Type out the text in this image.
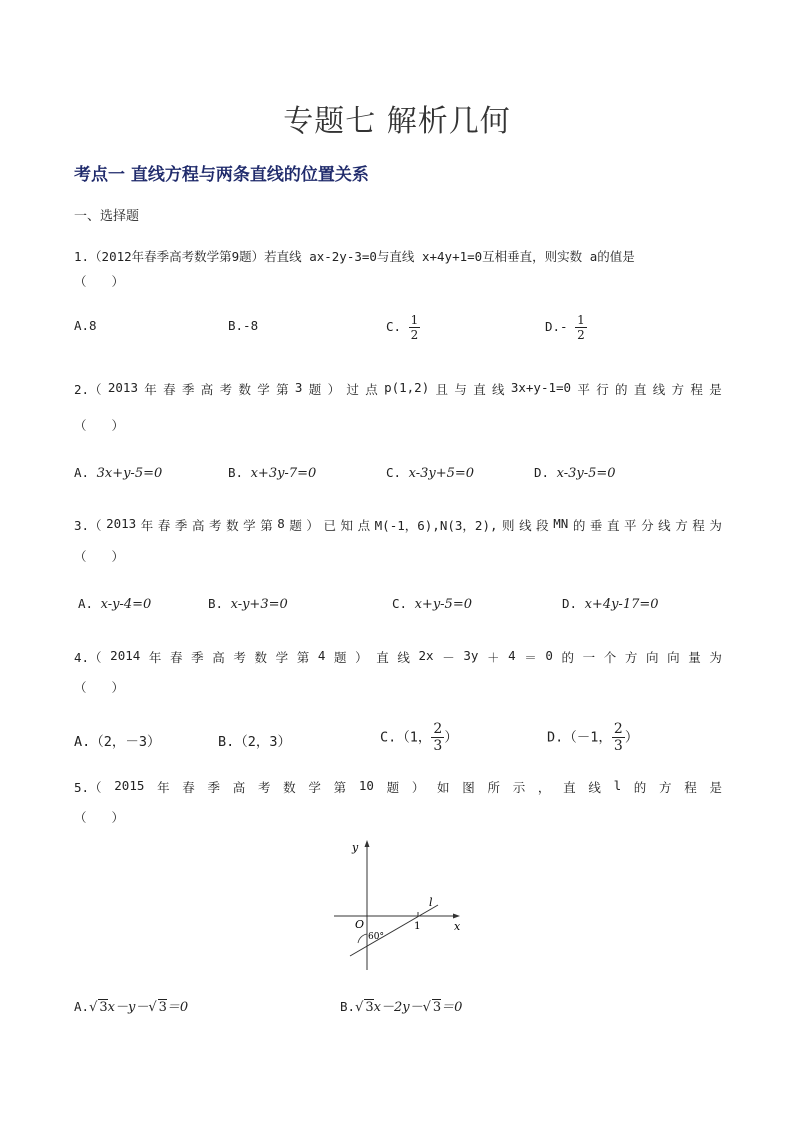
专题七 解析几何
考点一 直线方程与两条直线的位置关系
一、选择题
1.（2012年春季高考数学第9题）若直线 ax-2y-3=0与直线 x+4y+1=0互相垂直，则实数 a的值是
（　　）
A.8	B.-8	C. $\frac{1}{2}$	$D.- \frac{1}{2}$
2.（ 2013 年 春 季 高 考 数 学 第 3 题 ） 过 点 p(1,2) 且 与 直 线 3x+y-1=0 平 行 的 直 线 方 程 是
（　　）
A. 3x+y-5=0	B. x+3y-7=0	C. x-3y+5=0	D. x-3y-5=0
3.（ 2013 年 春 季 高 考 数 学 第 8 题 ） 已 知 点 M(-1，6),N(3，2), 则 线 段 MN 的 垂 直 平 分 线 方 程 为
（　　）
A. x-y-4=0	B. x-y+3=0	C. x+y-5=0	D. x+4y-17=0
4.（ 2014 年 春 季 高 考 数 学 第 4 题 ） 直 线 2x － 3y ＋ 4 ＝ 0 的 一 个 方 向 向 量 为
（　　）
A.（2，－3）	B.（2，3）	C.（1， $\frac{2}{3}$ ）	D.（－1， $\frac{2}{3}$ ）
5.（ 2015 年 春 季 高 考 数 学 第 10 题 ） 如 图 所 示 ， 直 线 l 的 方 程 是
（　　）
y
x
O	1
l
60°
A.√ 3x－y－√ 3＝0	B.√ 3x－2y－√ 3＝0
